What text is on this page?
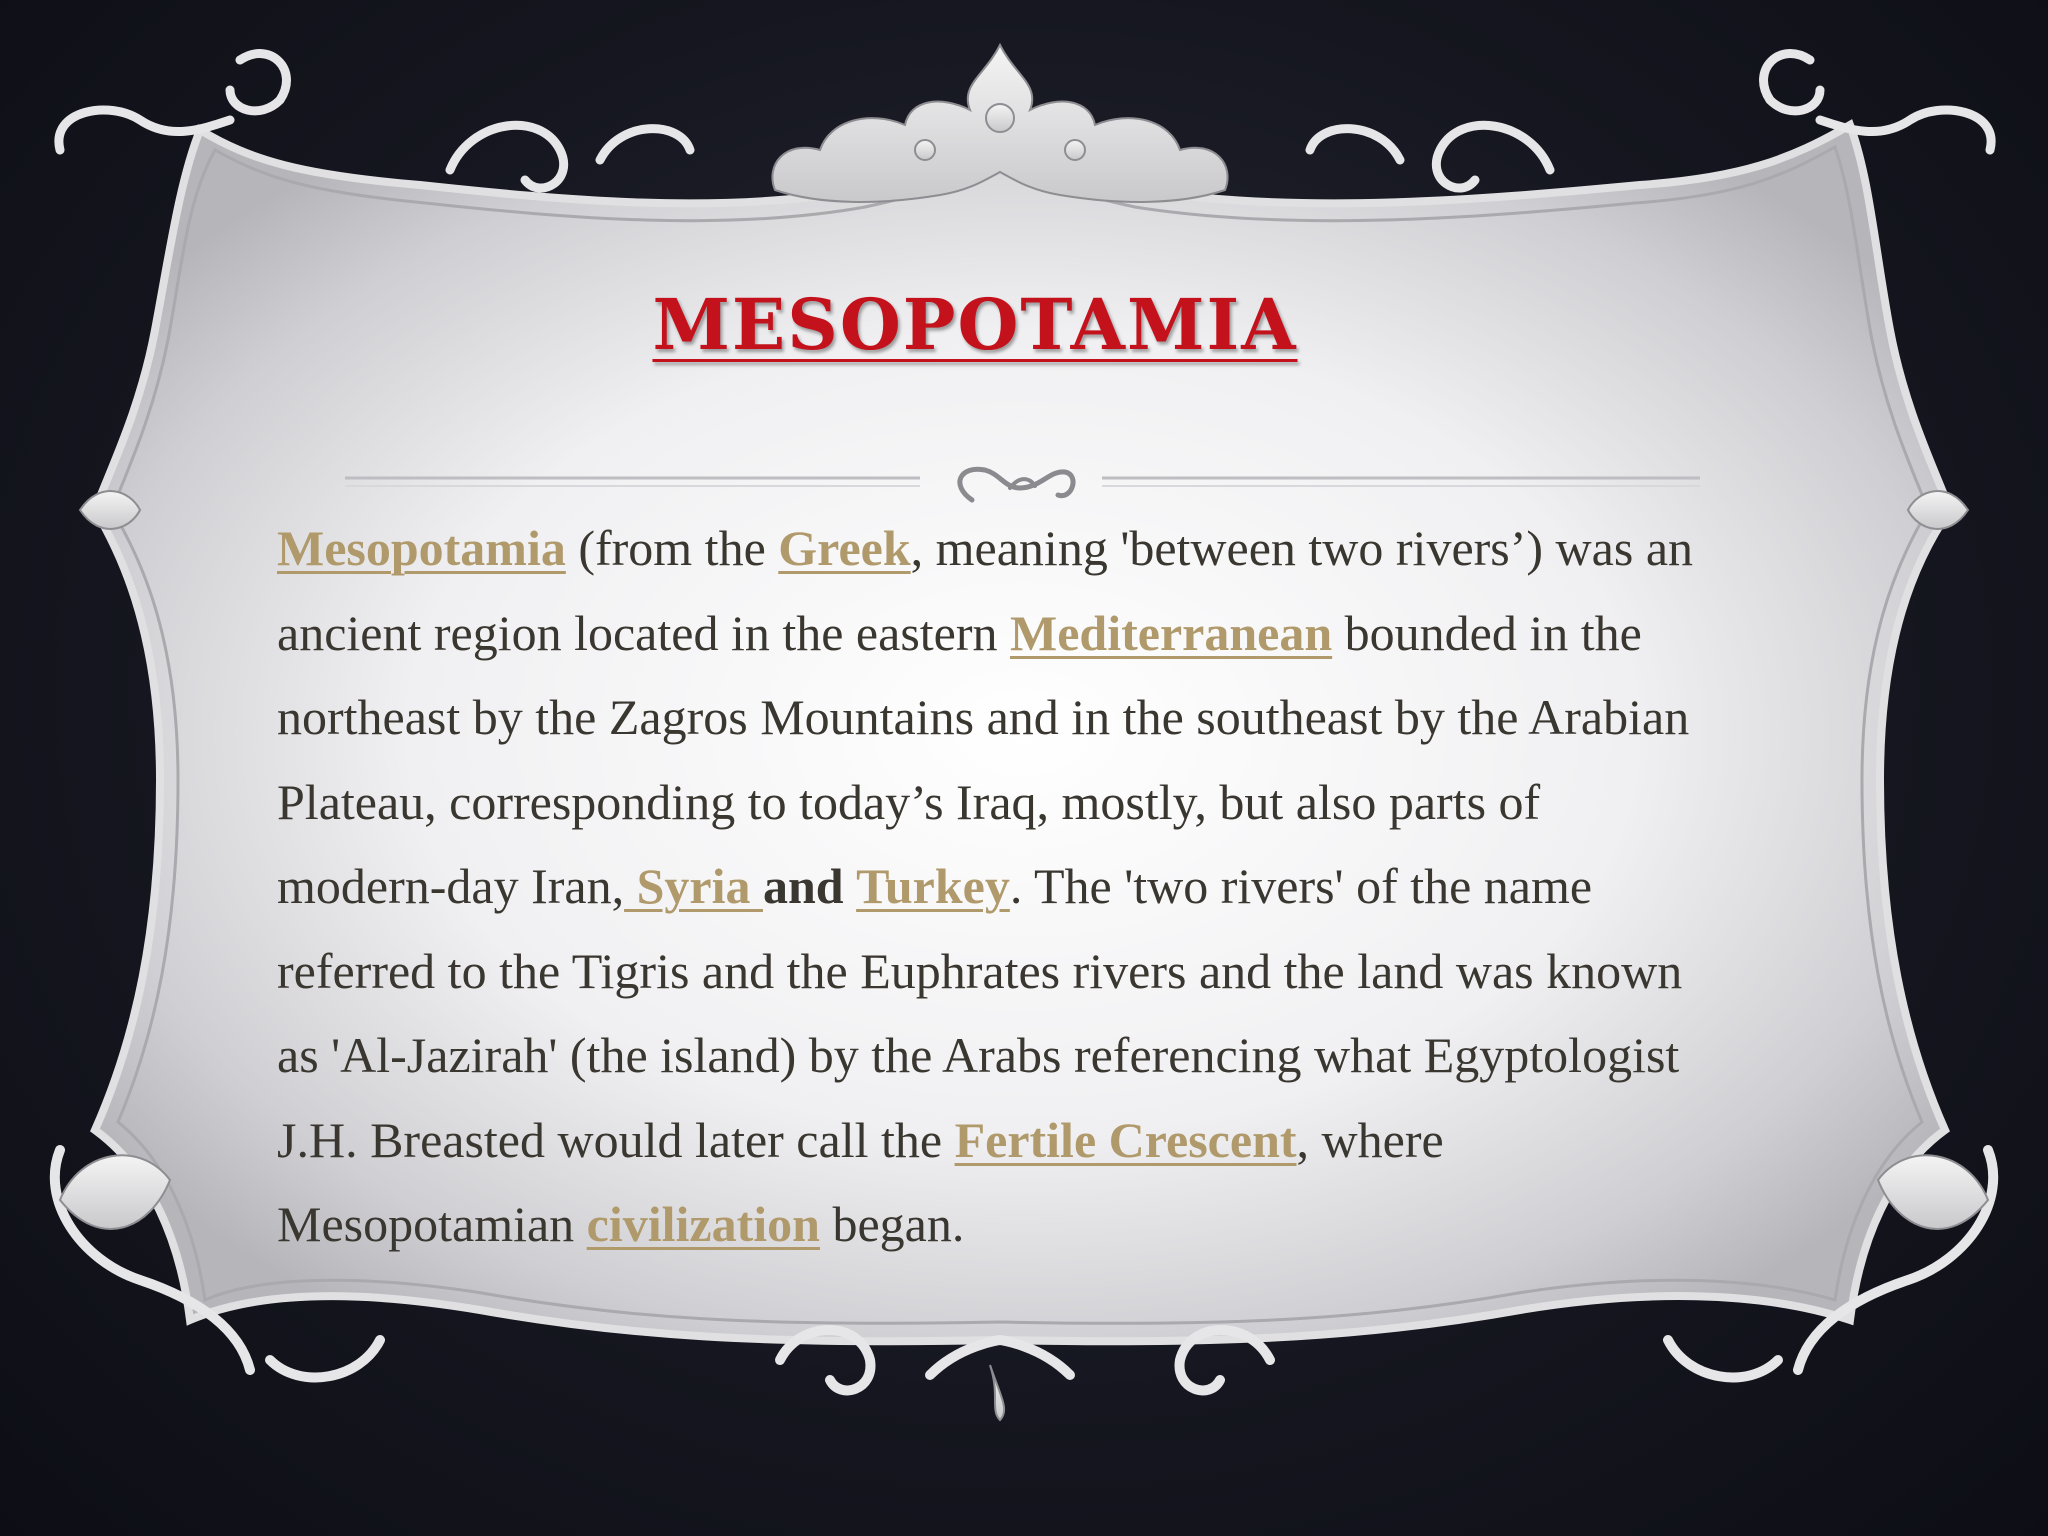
MESOPOTAMIA

Mesopotamia (from the Greek, meaning 'between two rivers’) was an ancient region located in the eastern Mediterranean bounded in the northeast by the Zagros Mountains and in the southeast by the Arabian Plateau, corresponding to today’s Iraq, mostly, but also parts of modern-day Iran, Syria and Turkey. The 'two rivers' of the name referred to the Tigris and the Euphrates rivers and the land was known as 'Al-Jazirah' (the island) by the Arabs referencing what Egyptologist J.H. Breasted would later call the Fertile Crescent, where Mesopotamian civilization began.
